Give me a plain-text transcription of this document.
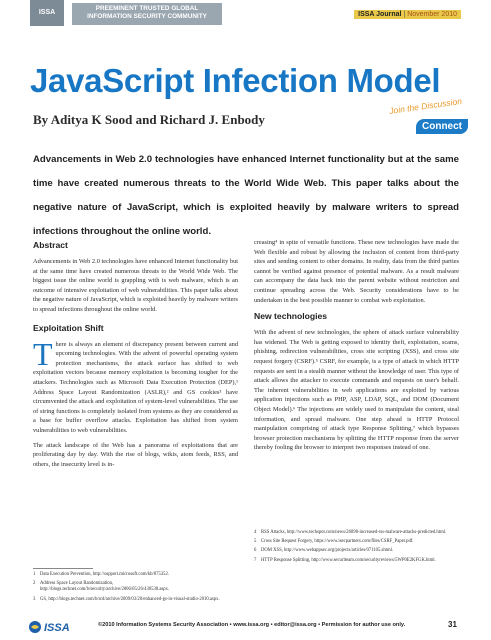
ISSA
PREEMINENT TRUSTED GLOBAL
INFORMATION SECURITY COMMUNITY	ISSA Journal | November 2010
JavaScript Infection Model
By Aditya K Sood and Richard J. Enbody
Join the Discussion
Connect
Advancements in Web 2.0 technologies have enhanced Internet functionality but at the same time have created numerous threats to the World Wide Web. This paper talks about the negative nature of JavaScript, which is exploited heavily by malware writers to spread infections throughout the online world.
Abstract

Advancements in Web 2.0 technologies have enhanced Internet functionality but at the same time have created numerous threats to the World Wide Web. The biggest issue the online world is grappling with is web malware, which is an outcome of intensive exploitation of web vulnerabilities. This paper talks about the negative nature of JavaScript, which is exploited heavily by malware writers to spread infections throughout the online world.

Exploitation Shift

There is always an element of discrepancy present between current and upcoming technologies. With the advent of powerful operating system protection mechanisms, the attack surface has shifted to web exploitation vectors because memory exploitation is becoming tougher for the attackers. Technologies such as Microsoft Data Execution Protection (DEP),¹ Address Space Layout Randomization (ASLR),² and GS cookies³ have circumvented the attack and exploitation of system-level vulnerabilities. The use of string functions is completely isolated from systems as they are considered as a base for buffer overflow attacks. Exploitation has shifted from system vulnerabilities to web vulnerabilities.

The attack landscape of the Web has a panorama of exploitations that are proliferating day by day. With the rise of blogs, wikis, atom feeds, RSS, and others, the insecurity level is in-

creasing⁴ in spite of versatile functions. These new technologies have made the Web flexible and robust by allowing the inclusion of content from third-party sites and sending content to other domains. In reality, data from the third parties cannot be verified against presence of potential malware. As a result malware can accompany the data back into the parent website without restriction and continue spreading across the Web. Security considerations have to be undertaken in the best possible manner to combat web exploitation.

New technologies

With the advent of new technologies, the sphere of attack surface vulnerability has widened. The Web is getting exposed to identity theft, exploitation, scams, phishing, redirection vulnerabilities, cross site scripting (XSS), and cross site request forgery (CSRF).⁵ CSRF, for example, is a type of attack in which HTTP requests are sent in a stealth manner without the knowledge of user. This type of attack allows the attacker to execute commands and requests on user's behalf. The inherent vulnerabilities in web applications are exploited by various application injections such as PHP, ASP, LDAP, SQL, and DOM (Document Object Model).⁶ The injections are widely used to manipulate the content, steal information, and spread malware. One step ahead is HTTP Protocol manipulation comprising of attack type Response Splitting,⁷ which bypasses browser protection mechanisms by splitting the HTTP response from the server thereby fooling the browser to interpret two responses instead of one.

1 Data Execution Prevention, http://support.microsoft.com/kb/875352.
2 Address Space Layout Randomization, http://blogs.technet.com/b/security/archive/2006/05/26/430538.aspx.
3 GS, http://blogs.technet.com/b/srd/archive/2009/03/20/enhanced-gs-in-visual-studio-2010.aspx.
4 RSS Attacks, http://www.techspot.com/news/26098-increased-rss-malware-attacks-predicted.html.
5 Cross Site Request Forgery, https://www.isecpartners.com/files/CSRF_Paper.pdf.
6 DOM XSS, http://www.webappsec.org/projects/articles/071105.shtml.
7 HTTP Response Splitting, http://www.securiteam.com/securityreviews/5WP0E2KFGK.html.
ISSA	©2010 Information Systems Security Association • www.issa.org • editor@issa.org • Permission for author use only.	31
